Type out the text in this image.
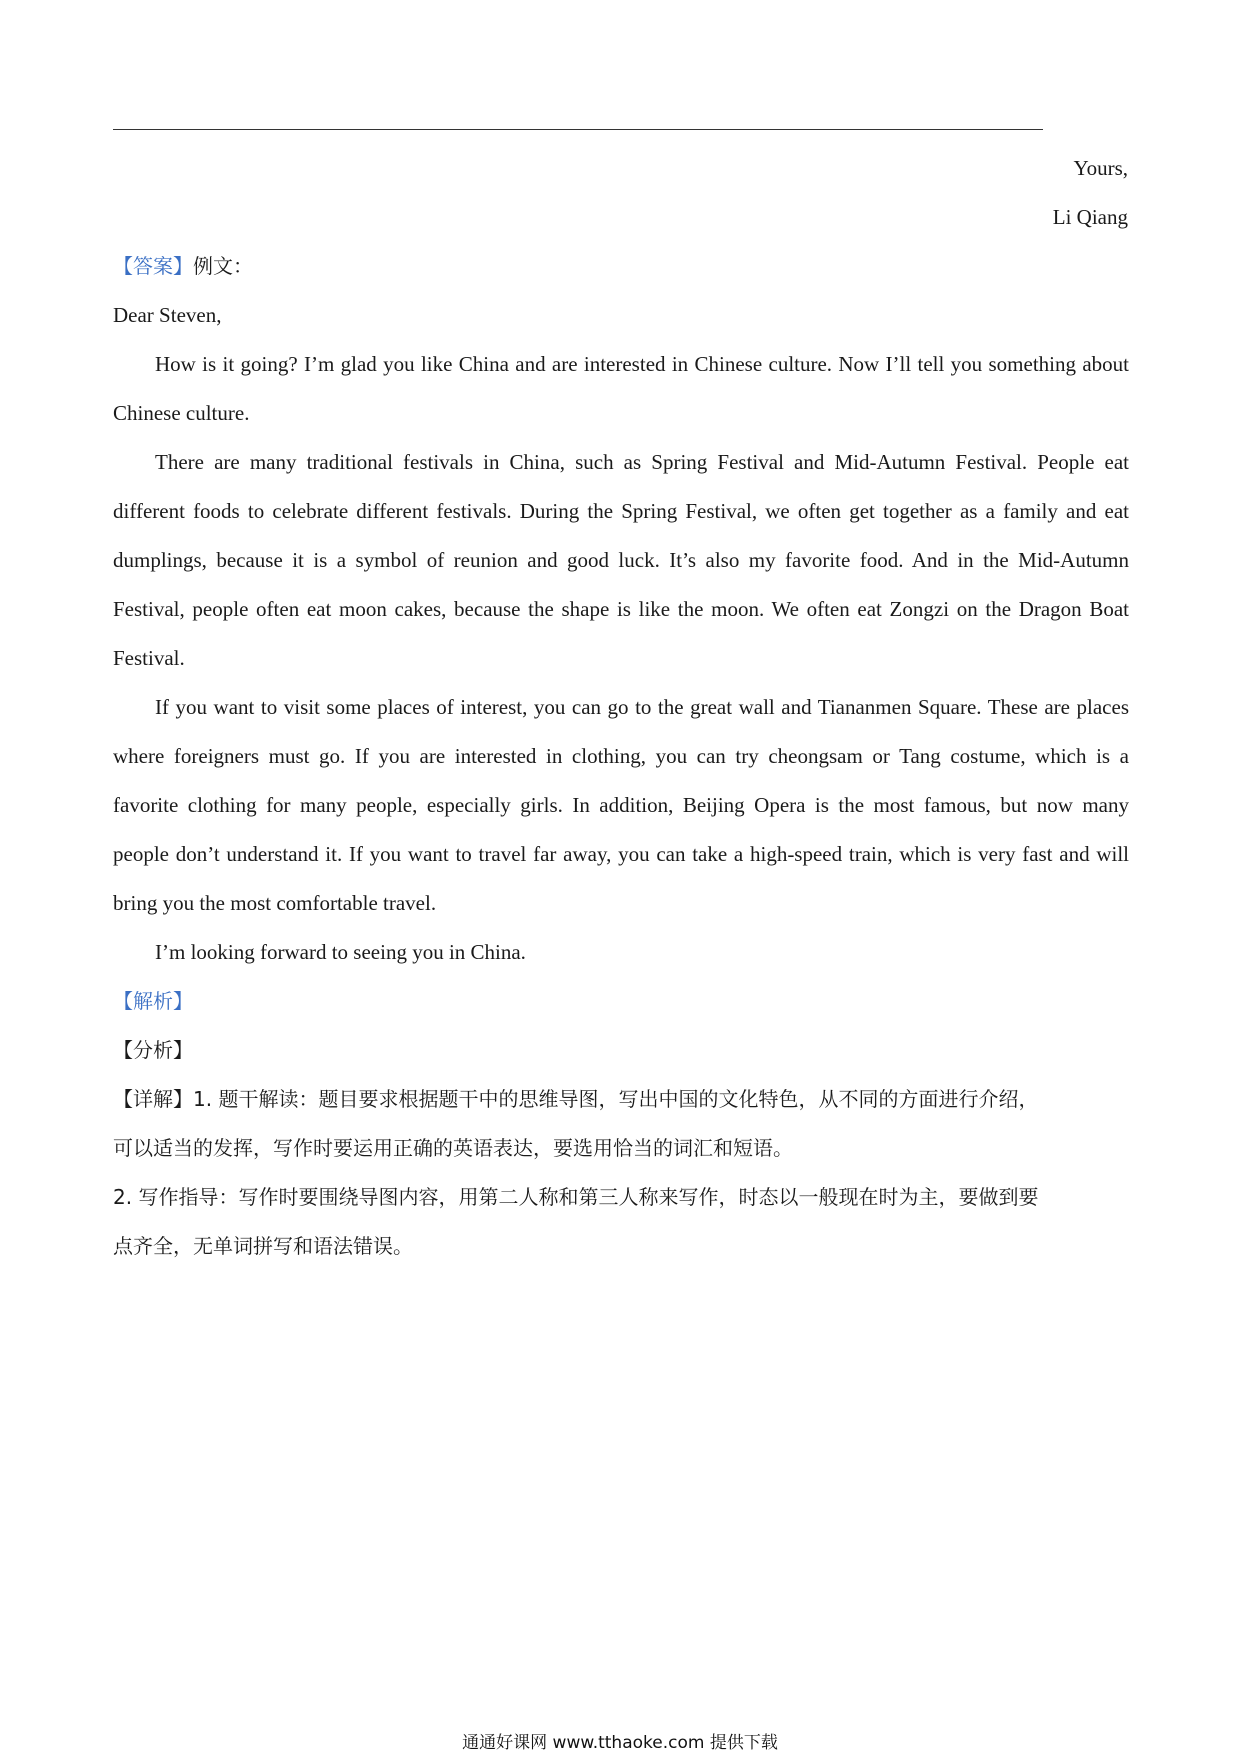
Yours,
Li Qiang
【答案】例文：
Dear Steven,
How is it going? I’m glad you like China and are interested in Chinese culture. Now I’ll tell you something about
Chinese culture.
There are many traditional festivals in China, such as Spring Festival and Mid-Autumn Festival. People eat
different foods to celebrate different festivals. During the Spring Festival, we often get together as a family and eat
dumplings, because it is a symbol of reunion and good luck. It’s also my favorite food. And in the Mid-Autumn
Festival, people often eat moon cakes, because the shape is like the moon. We often eat Zongzi on the Dragon Boat
Festival.
If you want to visit some places of interest, you can go to the great wall and Tiananmen Square. These are places
where foreigners must go. If you are interested in clothing, you can try cheongsam or Tang costume, which is a
favorite clothing for many people, especially girls. In addition, Beijing Opera is the most famous, but now many
people don’t understand it. If you want to travel far away, you can take a high-speed train, which is very fast and will
bring you the most comfortable travel.
I’m looking forward to seeing you in China.
【解析】
【分析】
【详解】1. 题干解读：题目要求根据题干中的思维导图，写出中国的文化特色，从不同的方面进行介绍，
可以适当的发挥，写作时要运用正确的英语表达，要选用恰当的词汇和短语。
2. 写作指导：写作时要围绕导图内容，用第二人称和第三人称来写作，时态以一般现在时为主，要做到要
点齐全，无单词拼写和语法错误。
通通好课网 www.tthaoke.com 提供下载
